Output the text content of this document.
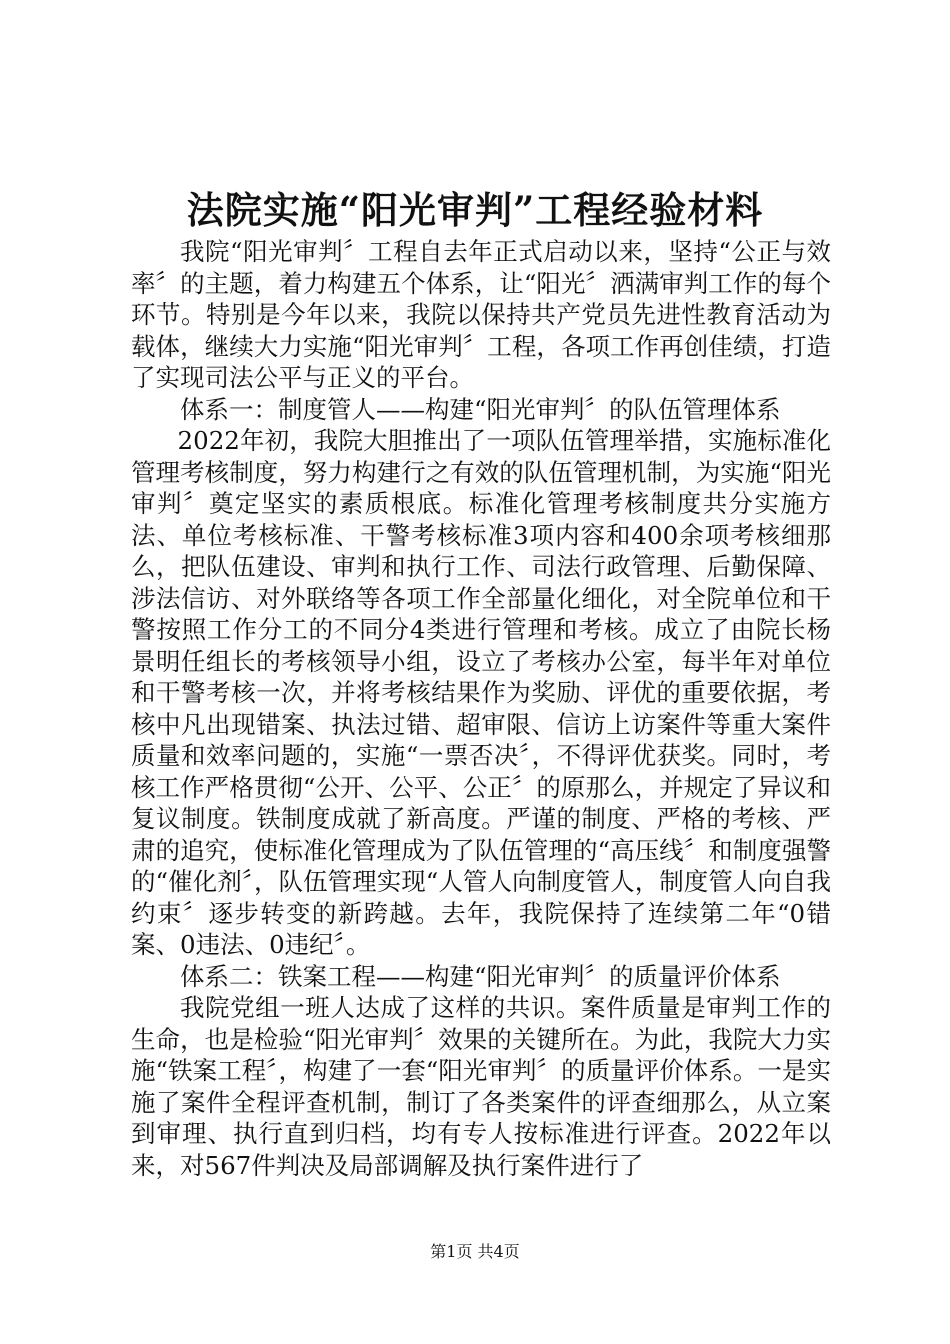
法院实施“阳光审判”工程经验材料

我院“阳光审判〞工程自去年正式启动以来，坚持“公正与效率〞的主题，着力构建五个体系，让“阳光〞洒满审判工作的每个环节。特别是今年以来，我院以保持共产党员先进性教育活动为载体，继续大力实施“阳光审判〞工程，各项工作再创佳绩，打造了实现司法公平与正义的平台。

体系一：制度管人——构建“阳光审判〞的队伍管理体系

2022年初，我院大胆推出了一项队伍管理举措，实施标准化管理考核制度，努力构建行之有效的队伍管理机制，为实施“阳光审判〞奠定坚实的素质根底。标准化管理考核制度共分实施方法、单位考核标准、干警考核标准3项内容和400余项考核细那么，把队伍建设、审判和执行工作、司法行政管理、后勤保障、涉法信访、对外联络等各项工作全部量化细化，对全院单位和干警按照工作分工的不同分4类进行管理和考核。成立了由院长杨景明任组长的考核领导小组，设立了考核办公室，每半年对单位和干警考核一次，并将考核结果作为奖励、评优的重要依据，考核中凡出现错案、执法过错、超审限、信访上访案件等重大案件质量和效率问题的，实施“一票否决〞，不得评优获奖。同时，考核工作严格贯彻“公开、公平、公正〞的原那么，并规定了异议和复议制度。铁制度成就了新高度。严谨的制度、严格的考核、严肃的追究，使标准化管理成为了队伍管理的“高压线〞和制度强警的“催化剂〞，队伍管理实现“人管人向制度管人，制度管人向自我约束〞逐步转变的新跨越。去年，我院保持了连续第二年“0错案、0违法、0违纪〞。

体系二：铁案工程——构建“阳光审判〞的质量评价体系

我院党组一班人达成了这样的共识。案件质量是审判工作的生命，也是检验“阳光审判〞效果的关键所在。为此，我院大力实施“铁案工程〞，构建了一套“阳光审判〞的质量评价体系。一是实施了案件全程评查机制，制订了各类案件的评查细那么，从立案到审理、执行直到归档，均有专人按标准进行评查。2022年以来，对567件判决及局部调解及执行案件进行了

第1页 共4页
